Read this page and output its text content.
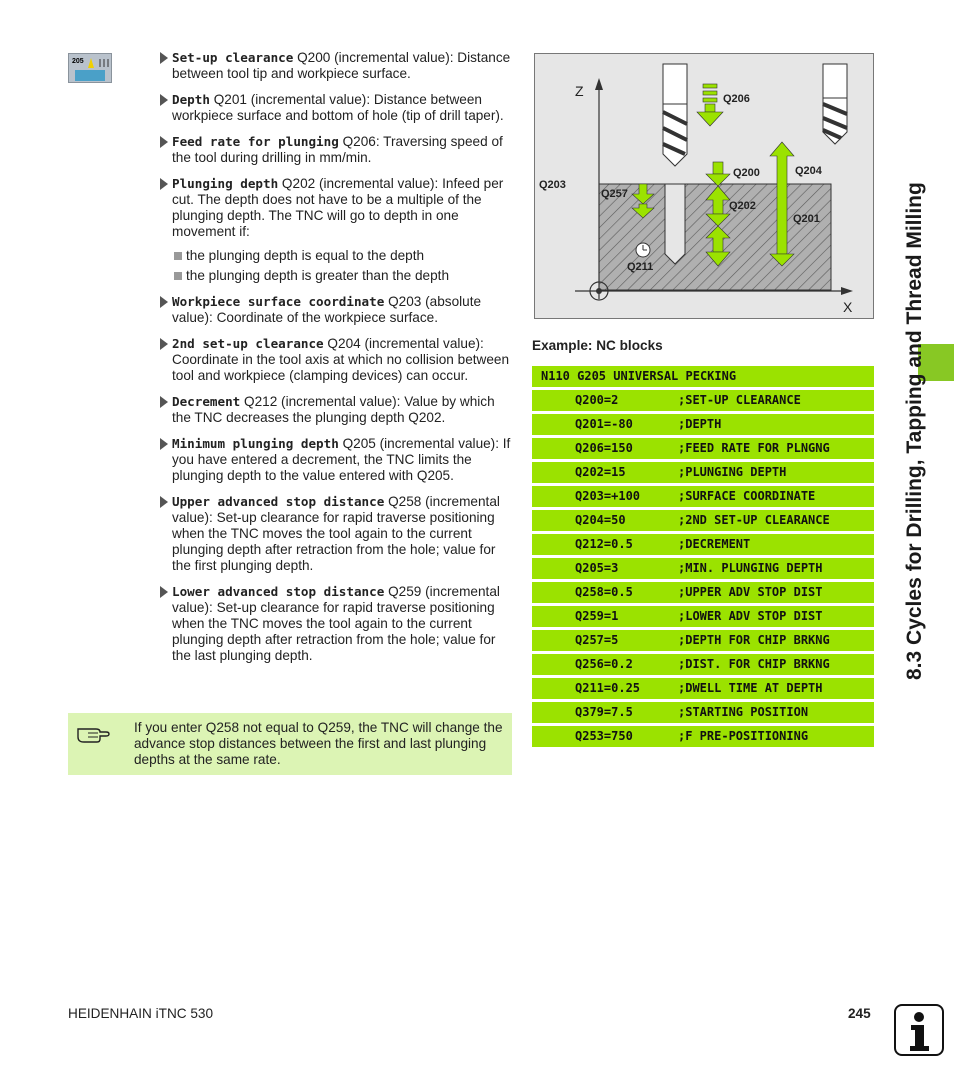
205	Set-up clearance Q200 (incremental value): Distance between tool tip and workpiece surface.
Depth Q201 (incremental value): Distance between workpiece surface and bottom of hole (tip of drill taper).
Feed rate for plunging Q206: Traversing speed of the tool during drilling in mm/min.
Plunging depth Q202 (incremental value): Infeed per cut. The depth does not have to be a multiple of the plunging depth. The TNC will go to depth in one movement if:
the plunging depth is equal to the depth
the plunging depth is greater than the depth
Workpiece surface coordinate Q203 (absolute value): Coordinate of the workpiece surface.
2nd set-up clearance Q204 (incremental value): Coordinate in the tool axis at which no collision between tool and workpiece (clamping devices) can occur.
Decrement Q212 (incremental value): Value by which the TNC decreases the plunging depth Q202.
Minimum plunging depth Q205 (incremental value): If you have entered a decrement, the TNC limits the plunging depth to the value entered with Q205.
Upper advanced stop distance Q258 (incremental value): Set-up clearance for rapid traverse positioning when the TNC moves the tool again to the current plunging depth after retraction from the hole; value for the first plunging depth.
Lower advanced stop distance Q259 (incremental value): Set-up clearance for rapid traverse positioning when the TNC moves the tool again to the current plunging depth after retraction from the hole; value for the last plunging depth.
If you enter Q258 not equal to Q259, the TNC will change the advance stop distances between the first and last plunging depths at the same rate.
Z
X
Q206
Q200
Q202
Q201
Q204
Q257
Q203
Q211
Example: NC blocks
N110 G205 UNIVERSAL PECKING
Q200=2	;SET-UP CLEARANCE
Q201=-80	;DEPTH
Q206=150	;FEED RATE FOR PLNGNG
Q202=15	;PLUNGING DEPTH
Q203=+100	;SURFACE COORDINATE
Q204=50	;2ND SET-UP CLEARANCE
Q212=0.5	;DECREMENT
Q205=3	;MIN. PLUNGING DEPTH
Q258=0.5	;UPPER ADV STOP DIST
Q259=1	;LOWER ADV STOP DIST
Q257=5	;DEPTH FOR CHIP BRKNG
Q256=0.2	;DIST. FOR CHIP BRKNG
Q211=0.25	;DWELL TIME AT DEPTH
Q379=7.5	;STARTING POSITION
Q253=750	;F PRE-POSITIONING
8.3 Cycles for Drilling, Tapping and Thread Milling
HEIDENHAIN iTNC 530	245
